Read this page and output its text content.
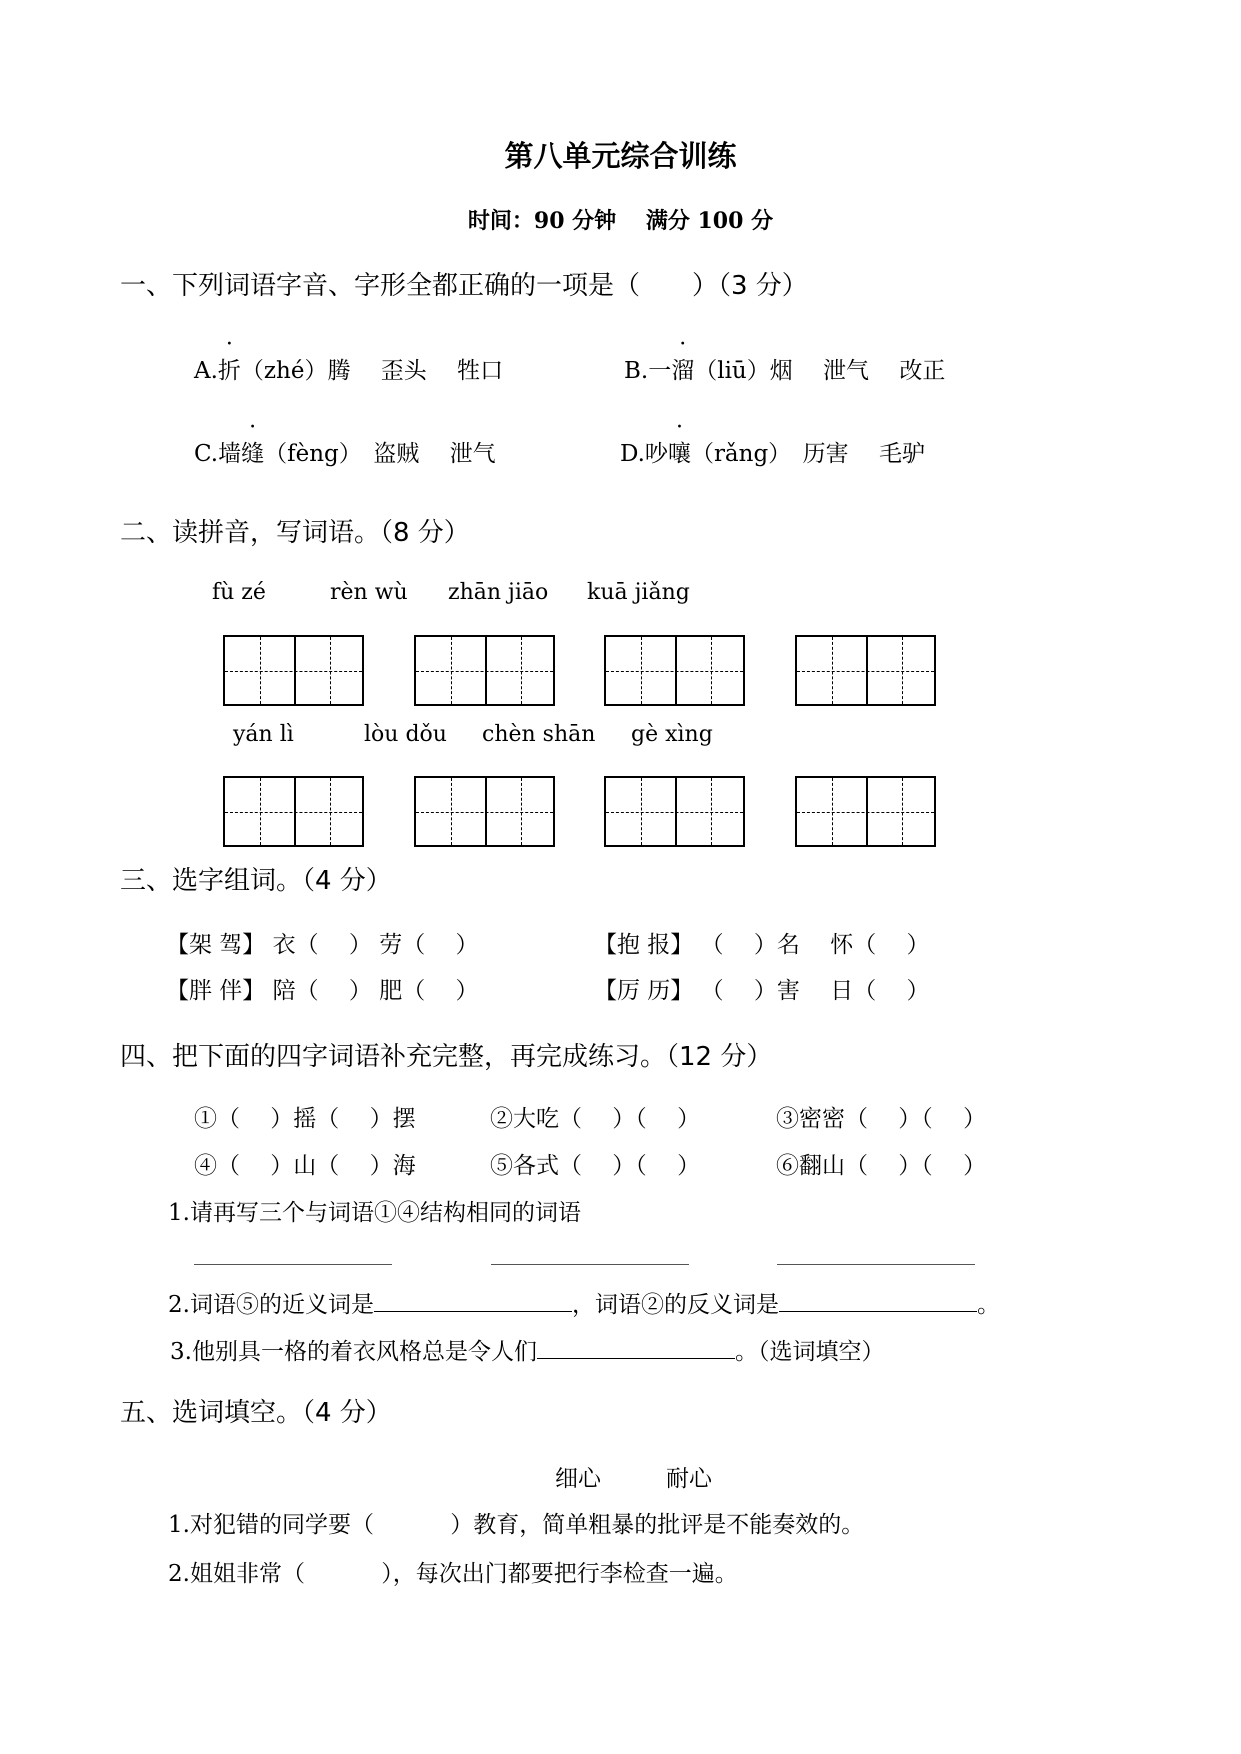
第八单元综合训练
时间：90 分钟　 满分 100 分
一、下列词语字音、字形全都正确的一项是（　　）（3 分）
A.折（zhé）腾　 歪头　 牲口	B.一溜（liū）烟　 泄气　 改正
C.墙缝（fèng）　盗贼　 泄气	D.吵嚷（rǎng）　历害　 毛驴
二、读拼音，写词语。（8 分）
fù zé	rèn wù zhān jiāo kuā jiǎng
yán lì	lòu dǒu chèn shān gè xìng
三、选字组词。（4 分）
【架 驾】 衣（　 ） 劳（　 ）	【抱 报】 （　 ）名　 怀（　 ）
【胖 伴】 陪（　 ） 肥（　 ）	【厉 历】 （　 ）害　 日（　 ）
四、把下面的四字词语补充完整，再完成练习。（12 分）
①（　 ）摇（　 ）摆	②大吃（　 ）（　 ）	③密密（　 ）（　 ）
④（　 ）山（　 ）海	⑤各式（　 ）（　 ）	⑥翻山（　 ）（　 ）
1.请再写三个与词语①④结构相同的词语
2.词语⑤的近义词是	，词语②的反义词是	。
3.他别具一格的着衣风格总是令人们	。（选词填空）
五、选词填空。（4 分）
细心	耐心
1.对犯错的同学要（　　　 ）教育，简单粗暴的批评是不能奏效的。
2.姐姐非常（　　　 ），每次出门都要把行李检查一遍。
